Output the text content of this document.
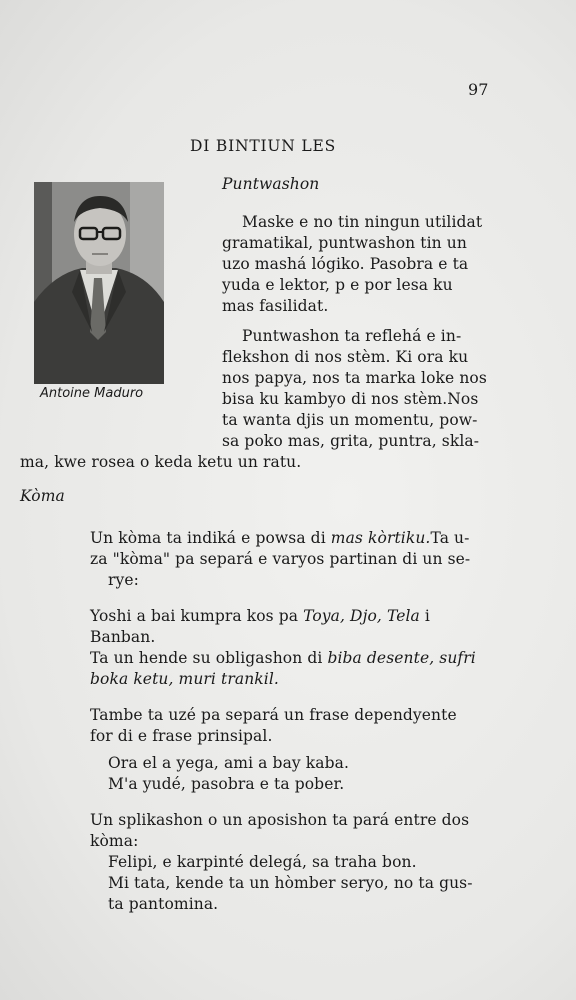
97
DI BINTIUN LES
Puntwashon
Antoine Maduro
Maske e no tin ningun utilidat
gramatikal, puntwashon tin un
uzo mashá lógiko. Pasobra e ta
yuda e lektor, p e por lesa ku
mas fasilidat.
Puntwashon ta reflehá e in-
flekshon di nos stèm. Ki ora ku
nos papya, nos ta marka loke nos
bisa ku kambyo di nos stèm.Nos
ta wanta djis un momentu, pow-
sa poko mas, grita, puntra, skla-
ma, kwe rosea o keda ketu un ratu.
Kòma
Un kòma ta indiká e powsa di mas kòrtiku.Ta u-
za "kòma" pa separá e varyos partinan di un se-
rye:
Yoshi a bai kumpra kos pa Toya, Djo, Tela i
Banban.
Ta un hende su obligashon di biba desente, sufri
boka ketu, muri trankil.
Tambe ta uzé pa separá un frase dependyente
for di e frase prinsipal.
Ora el a yega, ami a bay kaba.
M'a yudé, pasobra e ta pober.
Un splikashon o un aposishon ta pará entre dos
kòma:
Felipi, e karpinté delegá, sa traha bon.
Mi tata, kende ta un hòmber seryo, no ta gus-
ta pantomina.
